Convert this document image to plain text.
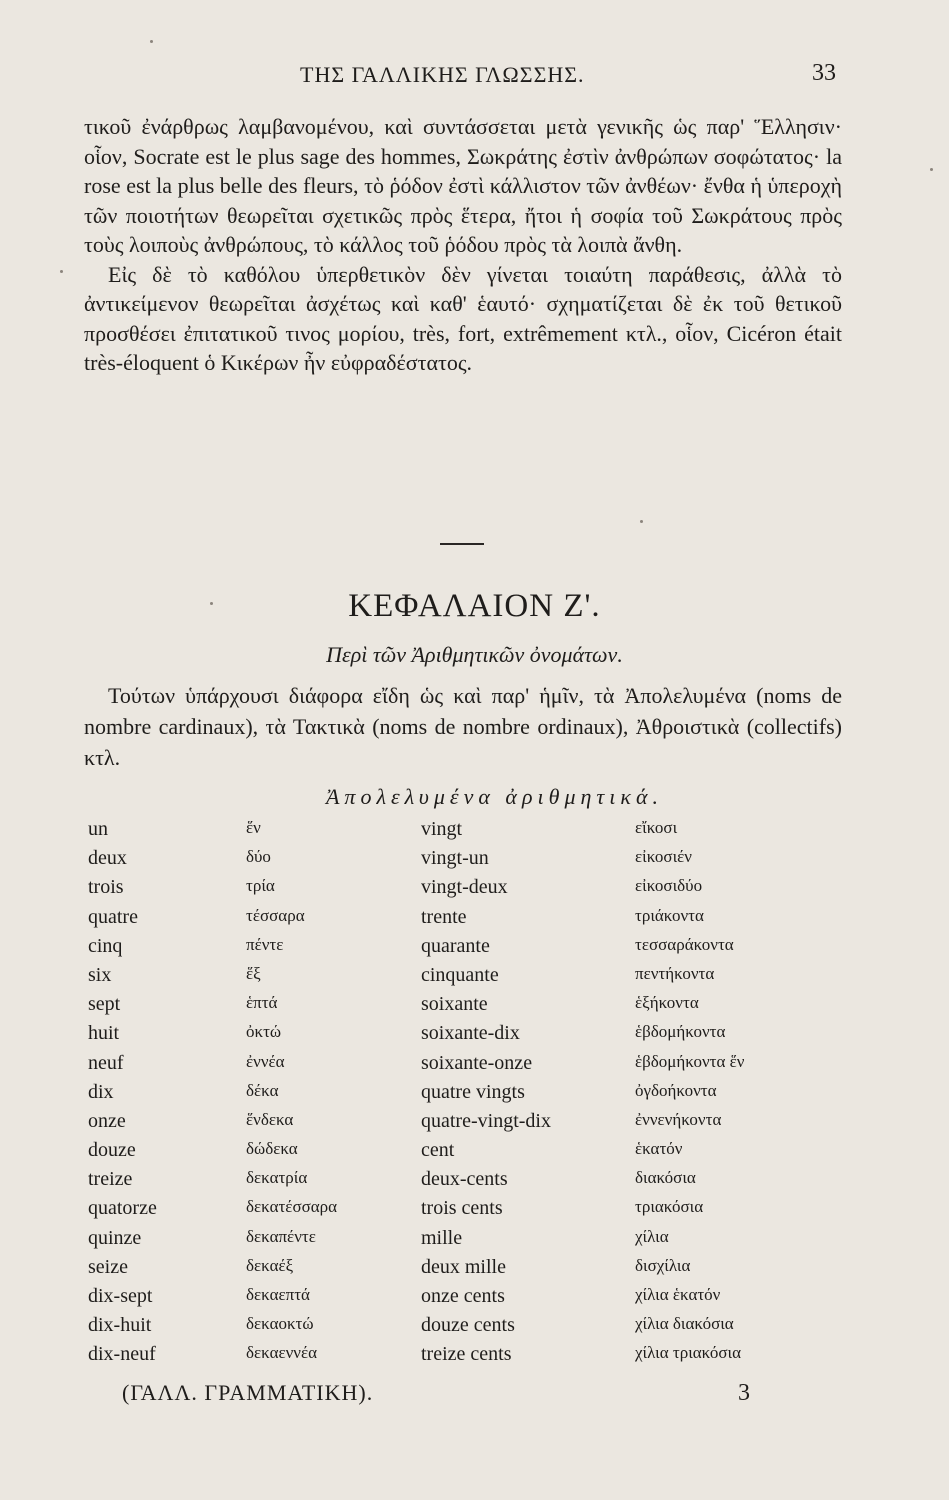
ΤΗΣ ΓΑΛΛΙΚΗΣ ΓΛΩΣΣΗΣ.	33

τικοῦ ἐνάρθρως λαμβανομένου, καὶ συντάσσεται μετὰ γενικῆς ὡς παρ' Ἕλλησιν· οἷον, Socrate est le plus sage des hommes, Σωκράτης ἐστὶν ἀνθρώπων σοφώτατος· la rose est la plus belle des fleurs, τὸ ῥόδον ἐστὶ κάλλιστον τῶν ἀνθέων· ἔνθα ἡ ὑπεροχὴ τῶν ποιοτήτων θεωρεῖται σχετικῶς πρὸς ἕτερα, ἤτοι ἡ σοφία τοῦ Σωκράτους πρὸς τοὺς λοιποὺς ἀνθρώπους, τὸ κάλλος τοῦ ῥόδου πρὸς τὰ λοιπὰ ἄνθη.

Εἰς δὲ τὸ καθόλου ὑπερθετικὸν δὲν γίνεται τοιαύτη παράθεσις, ἀλλὰ τὸ ἀντικείμενον θεωρεῖται ἀσχέτως καὶ καθ' ἑαυτό· σχηματίζεται δὲ ἐκ τοῦ θετικοῦ προσθέσει ἐπιτατικοῦ τινος μορίου, très, fort, extrêmement κτλ., οἷον, Cicéron était très-éloquent ὁ Κικέρων ἦν εὐφραδέστατος.

ΚΕΦΑΛΑΙΟΝ Ζ'.
Περὶ τῶν Ἀριθμητικῶν ὀνομάτων.
Τούτων ὑπάρχουσι διάφορα εἴδη ὡς καὶ παρ' ἡμῖν, τὰ Ἀπολελυμένα (noms de nombre cardinaux), τὰ Τακτικὰ (noms de nombre ordinaux), Ἀθροιστικὰ (collectifs) κτλ.
Ἀπολελυμένα ἀριθμητικά.
un	ἕν	vingt	εἴκοσι
deux	δύο	vingt-un	εἰκοσιέν
trois	τρία	vingt-deux	εἰκοσιδύο
quatre	τέσσαρα	trente	τριάκοντα
cinq	πέντε	quarante	τεσσαράκοντα
six	ἕξ	cinquante	πεντήκοντα
sept	ἑπτά	soixante	ἑξήκοντα
huit	ὀκτώ	soixante-dix	ἑβδομήκοντα
neuf	ἐννέα	soixante-onze	ἑβδομήκοντα ἕν
dix	δέκα	quatre vingts	ὀγδοήκοντα
onze	ἕνδεκα	quatre-vingt-dix	ἐννενήκοντα
douze	δώδεκα	cent	ἑκατόν
treize	δεκατρία	deux-cents	διακόσια
quatorze	δεκατέσσαρα	trois cents	τριακόσια
quinze	δεκαπέντε	mille	χίλια
seize	δεκαέξ	deux mille	δισχίλια
dix-sept	δεκαεπτά	onze cents	χίλια ἑκατόν
dix-huit	δεκαοκτώ	douze cents	χίλια διακόσια
dix-neuf	δεκαεννέα	treize cents	χίλια τριακόσια
(ΓΑΛΛ. ΓΡΑΜΜΑΤΙΚΗ).	3
